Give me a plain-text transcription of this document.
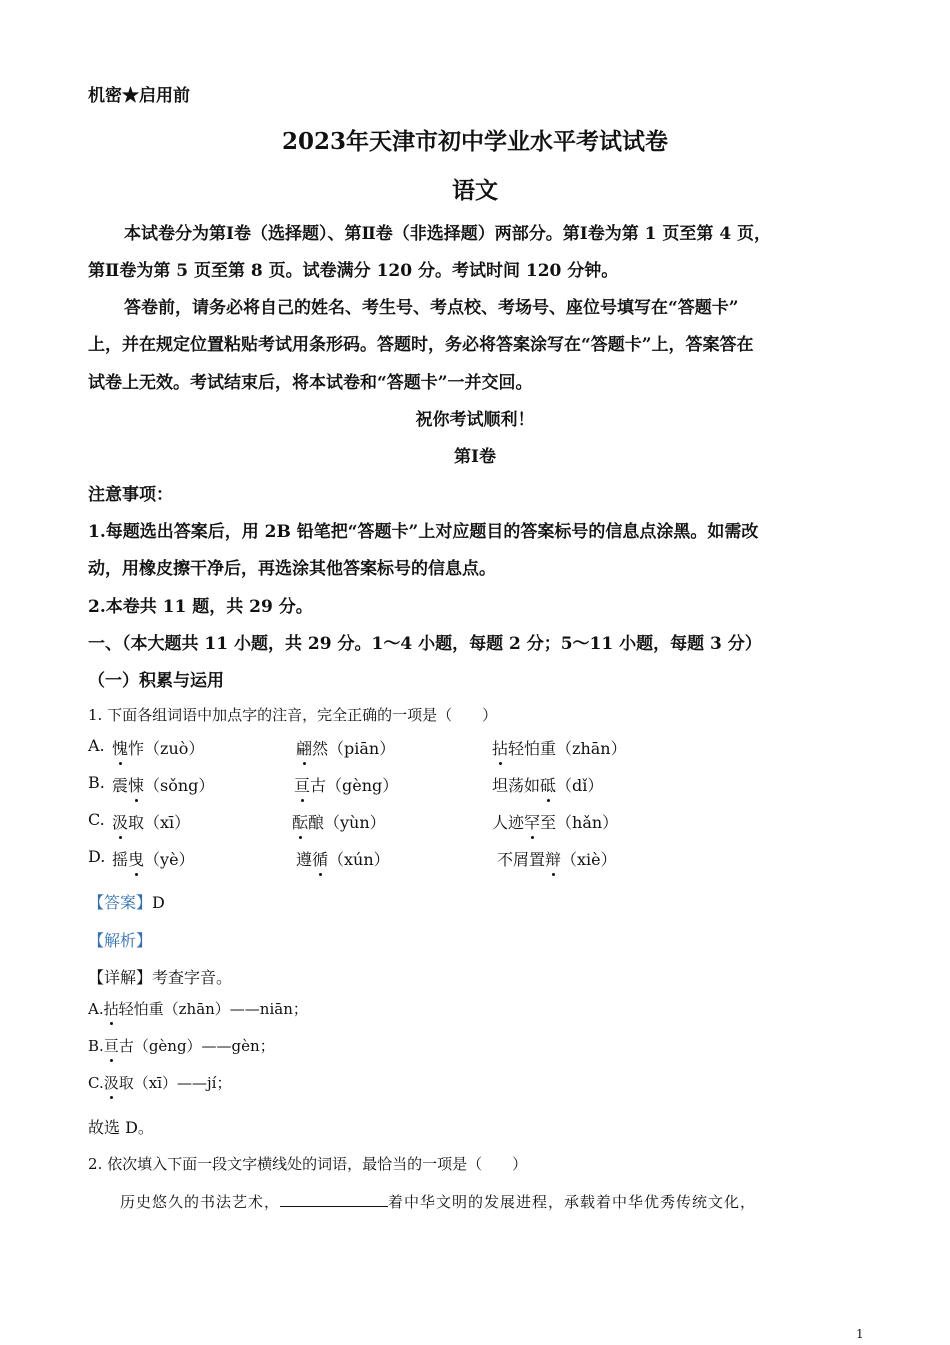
机密★启用前
2023年天津市初中学业水平考试试卷
语文
本试卷分为第Ⅰ卷（选择题）、第Ⅱ卷（非选择题）两部分。第Ⅰ卷为第 1 页至第 4 页，
第Ⅱ卷为第 5 页至第 8 页。试卷满分 120 分。考试时间 120 分钟。
答卷前，请务必将自己的姓名、考生号、考点校、考场号、座位号填写在“答题卡”
上，并在规定位置粘贴考试用条形码。答题时，务必将答案涂写在“答题卡”上，答案答在
试卷上无效。考试结束后，将本试卷和“答题卡”一并交回。
祝你考试顺利！
第Ⅰ卷
注意事项：
1.每题选出答案后，用 2B 铅笔把“答题卡”上对应题目的答案标号的信息点涂黑。如需改
动，用橡皮擦干净后，再选涂其他答案标号的信息点。
2.本卷共 11 题，共 29 分。
一、（本大题共 11 小题，共 29 分。1～4 小题，每题 2 分；5～11 小题，每题 3 分）
（一）积累与运用
1. 下面各组词语中加点字的注音，完全正确的一项是（　　）
A. 愧怍（zuò）	翩然（piān）	拈轻怕重（zhān）
B. 震悚（sǒng）	亘古（gèng）	坦荡如砥（dǐ）
C. 汲取（xī）	酝酿（yùn）	人迹罕至（hǎn）
D. 摇曳（yè）	遵循（xún）	不屑置辩（xiè）
【答案】D
【解析】
【详解】考查字音。
A.拈轻怕重（zhān）——niān；
B.亘古（gèng）——gèn；
C.汲取（xī）——jí；
故选 D。
2. 依次填入下面一段文字横线处的词语，最恰当的一项是（　　）
历史悠久的书法艺术，	着中华文明的发展进程，承载着中华优秀传统文化，
1
